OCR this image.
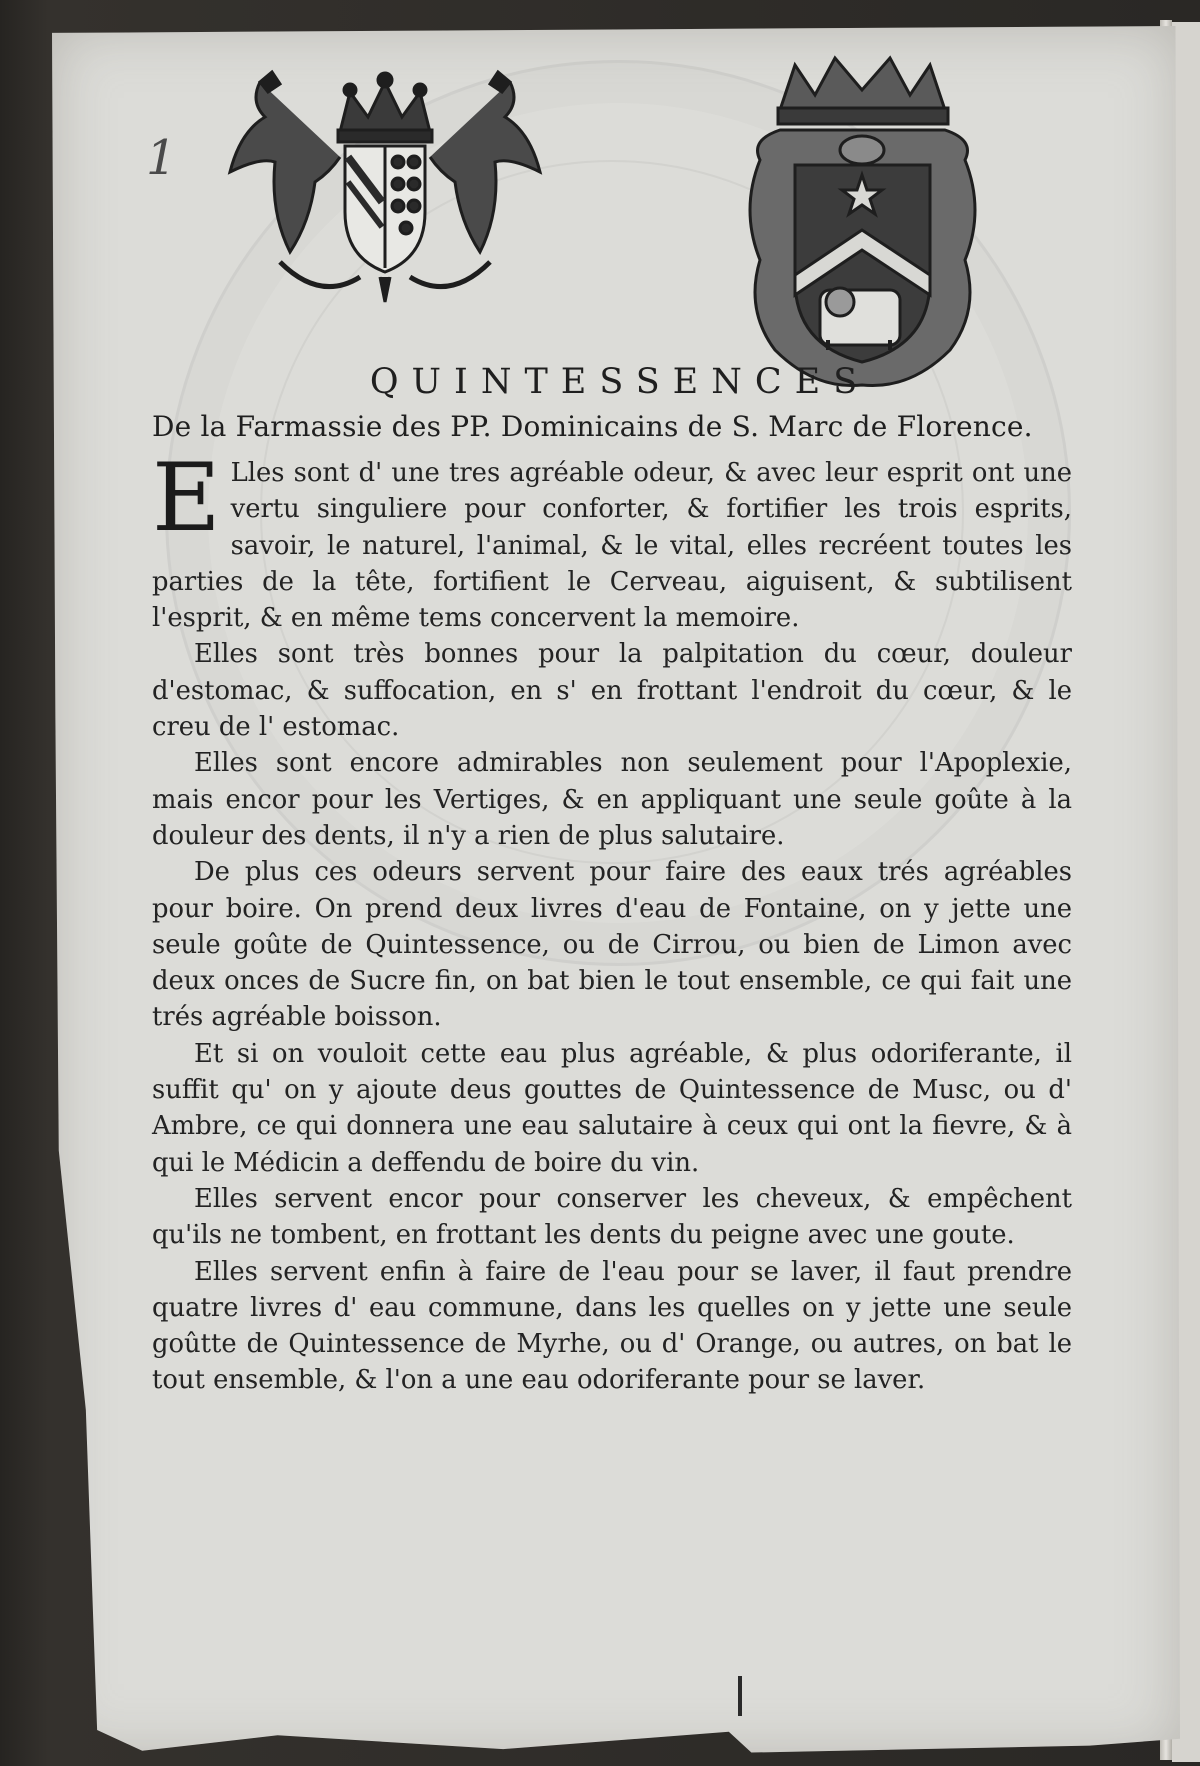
1
QUINTESSENCES
De la Farmassie des PP. Dominicains de S. Marc de Florence.

E Lles sont d' une tres agréable odeur, & avec leur esprit ont une vertu singuliere pour conforter, & fortifier les trois esprits, savoir, le naturel, l'animal, & le vital, elles recréent toutes les parties de la tête, fortifient le Cerveau, aiguisent, & subtilisent l'esprit, & en même tems concervent la memoire.

Elles sont très bonnes pour la palpitation du cœur, douleur d'estomac, & suffocation, en s' en frottant l'endroit du cœur, & le creu de l' estomac.

Elles sont encore admirables non seulement pour l'Apoplexie, mais encor pour les Vertiges, & en appliquant une seule goûte à la douleur des dents, il n'y a rien de plus salutaire.

De plus ces odeurs servent pour faire des eaux trés agréables pour boire. On prend deux livres d'eau de Fontaine, on y jette une seule goûte de Quintessence, ou de Cirrou, ou bien de Limon avec deux onces de Sucre fin, on bat bien le tout ensemble, ce qui fait une trés agréable boisson.

Et si on vouloit cette eau plus agréable, & plus odoriferante, il suffit qu' on y ajoute deus gouttes de Quintessence de Musc, ou d' Ambre, ce qui donnera une eau salutaire à ceux qui ont la fievre, & à qui le Médicin a deffendu de boire du vin.

Elles servent encor pour conserver les cheveux, & empêchent qu'ils ne tombent, en frottant les dents du peigne avec une goute.

Elles servent enfin à faire de l'eau pour se laver, il faut prendre quatre livres d' eau commune, dans les quelles on y jette une seule goûtte de Quintessence de Myrhe, ou d' Orange, ou autres, on bat le tout ensemble, & l'on a une eau odoriferante pour se laver.
